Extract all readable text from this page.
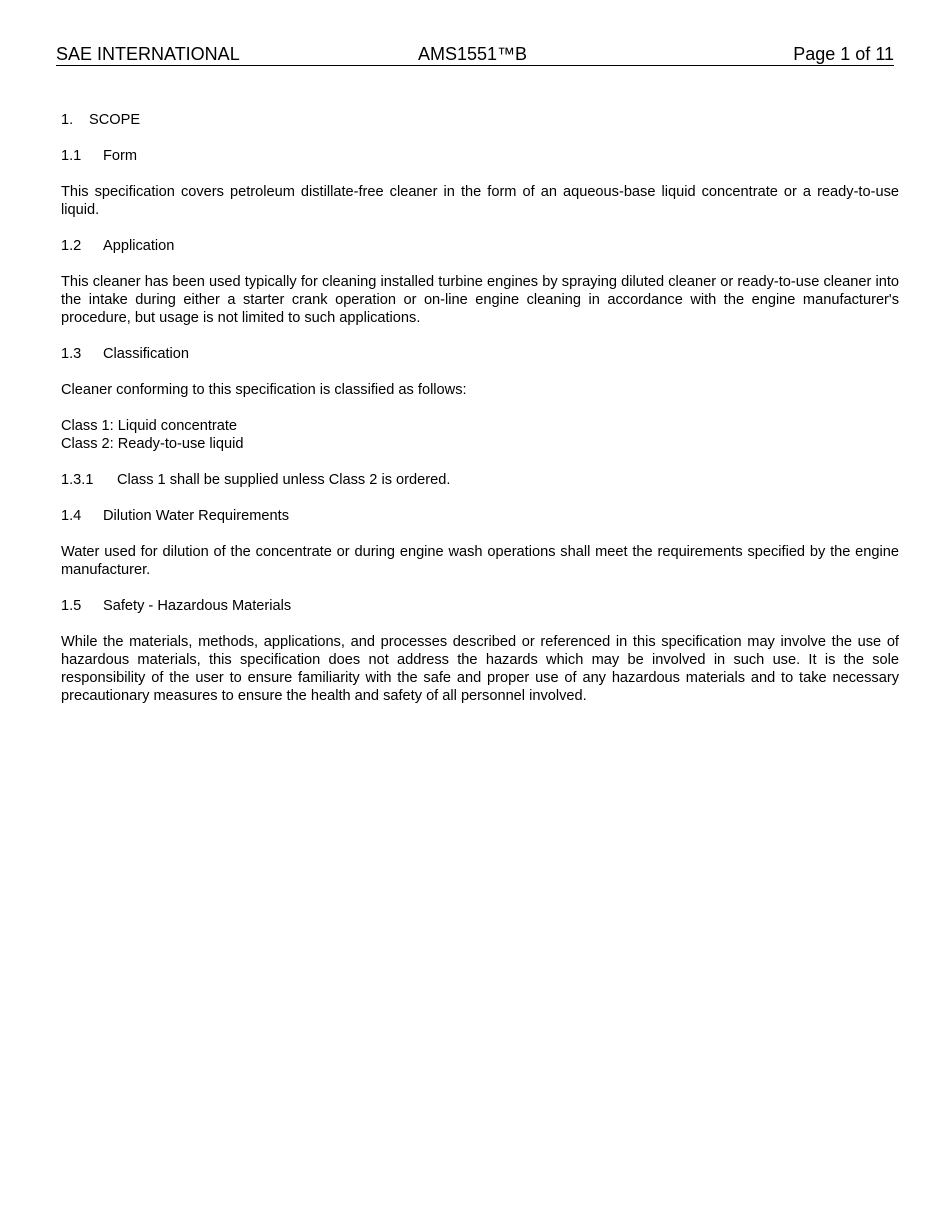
SAE INTERNATIONAL	AMS1551™B	Page 1 of 11
1. SCOPE
1.1 Form
This specification covers petroleum distillate-free cleaner in the form of an aqueous-base liquid concentrate or a ready-to-use liquid.
1.2 Application
This cleaner has been used typically for cleaning installed turbine engines by spraying diluted cleaner or ready-to-use cleaner into the intake during either a starter crank operation or on-line engine cleaning in accordance with the engine manufacturer's procedure, but usage is not limited to such applications.
1.3 Classification
Cleaner conforming to this specification is classified as follows:
Class 1: Liquid concentrate
Class 2: Ready-to-use liquid
1.3.1 Class 1 shall be supplied unless Class 2 is ordered.
1.4 Dilution Water Requirements
Water used for dilution of the concentrate or during engine wash operations shall meet the requirements specified by the engine manufacturer.
1.5 Safety - Hazardous Materials
While the materials, methods, applications, and processes described or referenced in this specification may involve the use of hazardous materials, this specification does not address the hazards which may be involved in such use. It is the sole responsibility of the user to ensure familiarity with the safe and proper use of any hazardous materials and to take necessary precautionary measures to ensure the health and safety of all personnel involved.
